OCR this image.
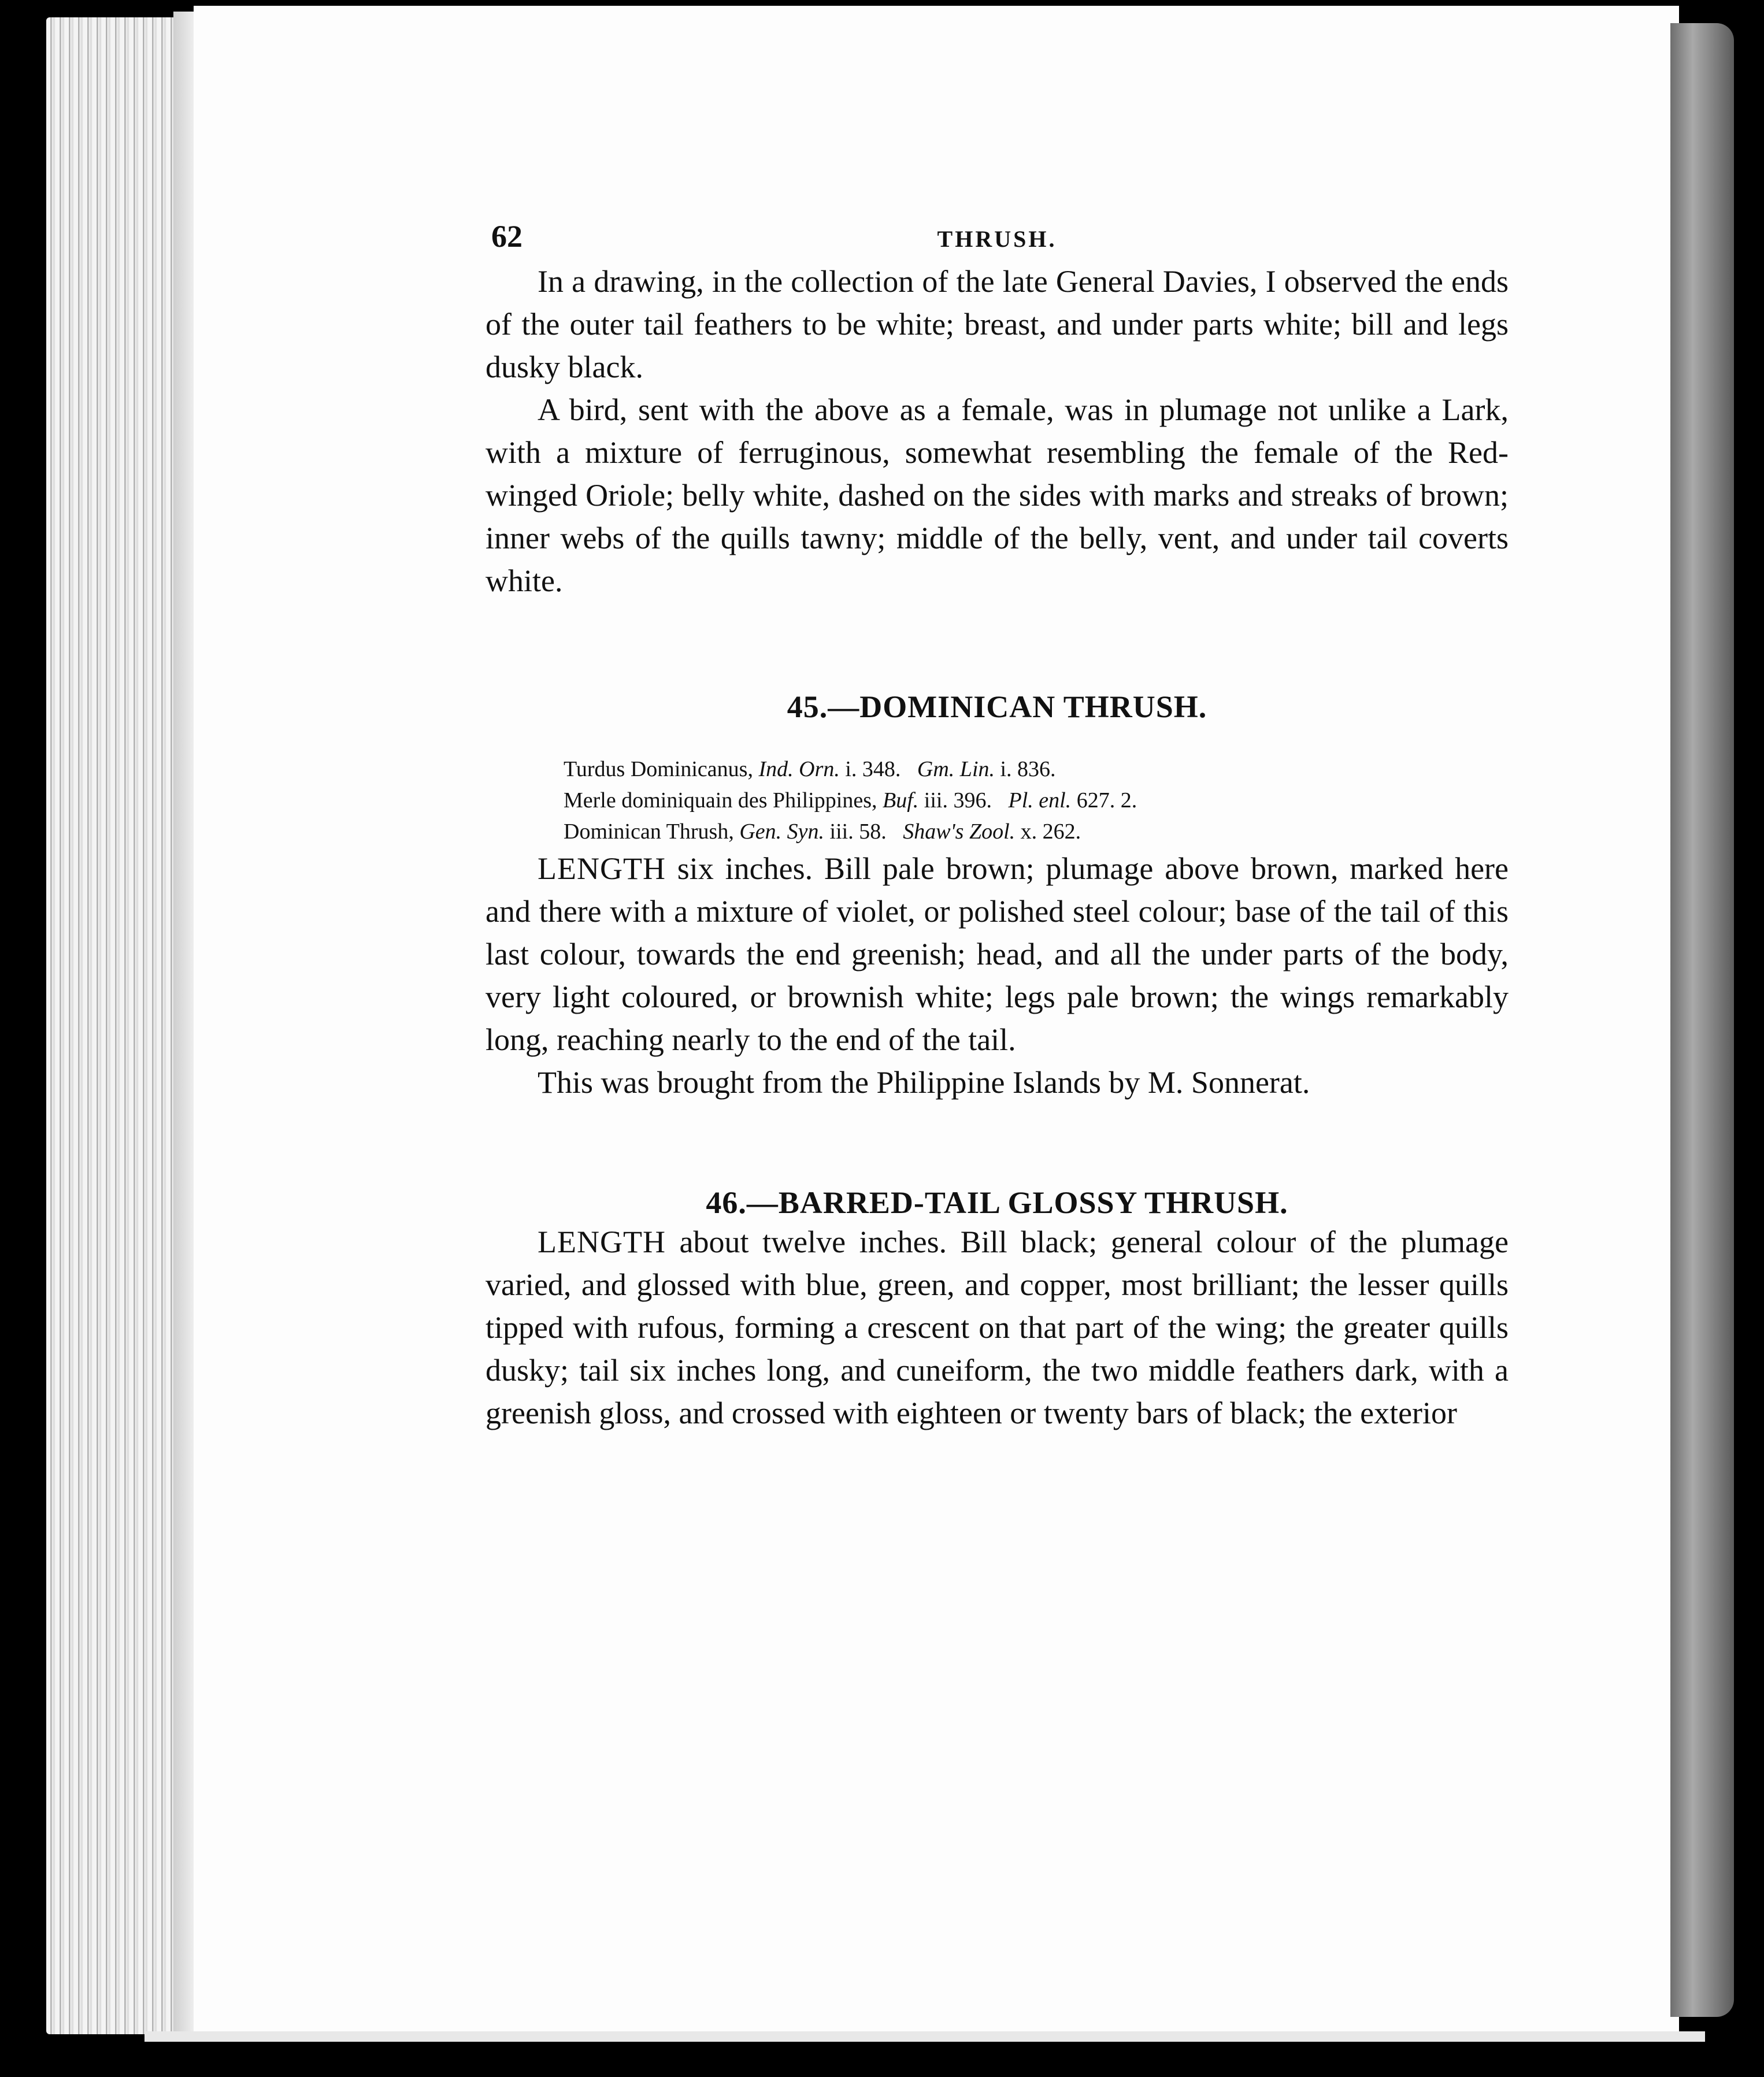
62	THRUSH.

In a drawing, in the collection of the late General Davies, I observed the ends of the outer tail feathers to be white; breast, and under parts white; bill and legs dusky black.

A bird, sent with the above as a female, was in plumage not unlike a Lark, with a mixture of ferruginous, somewhat resembling the female of the Red-winged Oriole; belly white, dashed on the sides with marks and streaks of brown; inner webs of the quills tawny; middle of the belly, vent, and under tail coverts white.

45.—DOMINICAN THRUSH.
Turdus Dominicanus, Ind. Orn. i. 348. Gm. Lin. i. 836.
Merle dominiquain des Philippines, Buf. iii. 396. Pl. enl. 627. 2.
Dominican Thrush, Gen. Syn. iii. 58. Shaw's Zool. x. 262.

LENGTH six inches. Bill pale brown; plumage above brown, marked here and there with a mixture of violet, or polished steel colour; base of the tail of this last colour, towards the end greenish; head, and all the under parts of the body, very light coloured, or brownish white; legs pale brown; the wings remarkably long, reaching nearly to the end of the tail.

This was brought from the Philippine Islands by M. Sonnerat.

46.—BARRED-TAIL GLOSSY THRUSH.

LENGTH about twelve inches. Bill black; general colour of the plumage varied, and glossed with blue, green, and copper, most brilliant; the lesser quills tipped with rufous, forming a crescent on that part of the wing; the greater quills dusky; tail six inches long, and cuneiform, the two middle feathers dark, with a greenish gloss, and crossed with eighteen or twenty bars of black; the exterior
